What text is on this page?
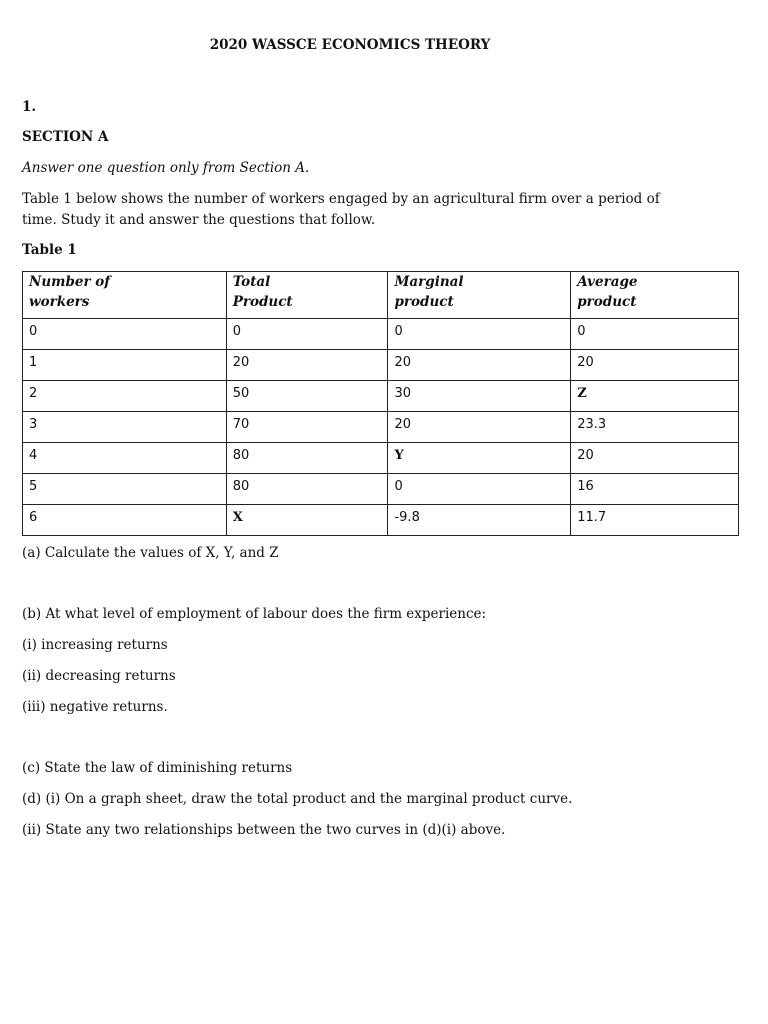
2020 WASSCE ECONOMICS THEORY

1.

SECTION A

Answer one question only from Section A.

Table 1 below shows the number of workers engaged by an agricultural firm over a period of

time. Study it and answer the questions that follow.

Table 1

Number of
workers	Total
Product	Marginal
product	Average
product
0	0	0	0
1	20	20	20
2	50	30	Z
3	70	20	23.3
4	80	Y	20
5	80	0	16
6	X	-9.8	11.7

(a) Calculate the values of X, Y, and Z

(b) At what level of employment of labour does the firm experience:

(i) increasing returns

(ii) decreasing returns

(iii) negative returns.

(c) State the law of diminishing returns

(d) (i) On a graph sheet, draw the total product and the marginal product curve.

(ii) State any two relationships between the two curves in (d)(i) above.
